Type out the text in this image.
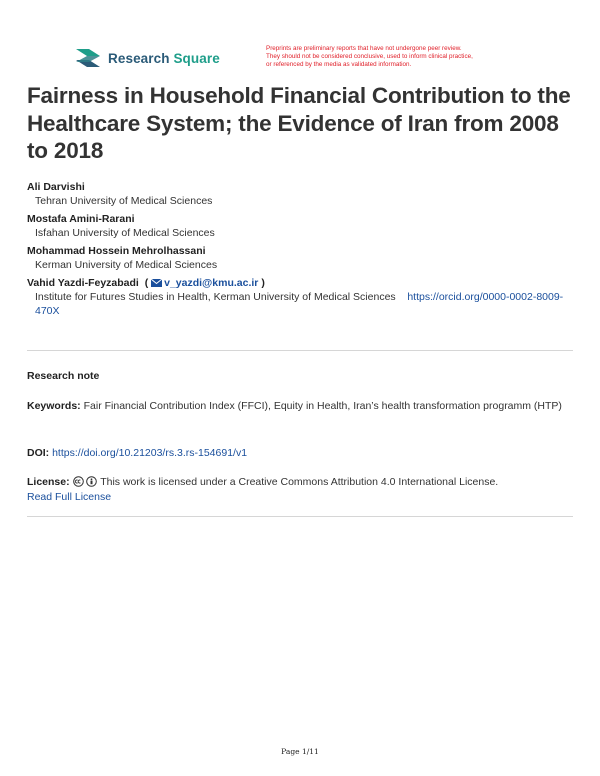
Research Square
Preprints are preliminary reports that have not undergone peer review.
They should not be considered conclusive, used to inform clinical practice,
or referenced by the media as validated information.
Fairness in Household Financial Contribution to the Healthcare System; the Evidence of Iran from 2008 to 2018
Ali Darvishi
Tehran University of Medical Sciences
Mostafa Amini-Rarani
Isfahan University of Medical Sciences
Mohammad Hossein Mehrolhassani
Kerman University of Medical Sciences
Vahid Yazdi-Feyzabadi  ( v_yazdi@kmu.ac.ir )
Institute for Futures Studies in Health, Kerman University of Medical Sciences https://orcid.org/0000-0002-8009-470X
Research note
Keywords: Fair Financial Contribution Index (FFCI), Equity in Health, Iran’s health transformation programm (HTP)
DOI: https://doi.org/10.21203/rs.3.rs-154691/v1
License:	This work is licensed under a Creative Commons Attribution 4.0 International License.
Read Full License
Page 1/11
